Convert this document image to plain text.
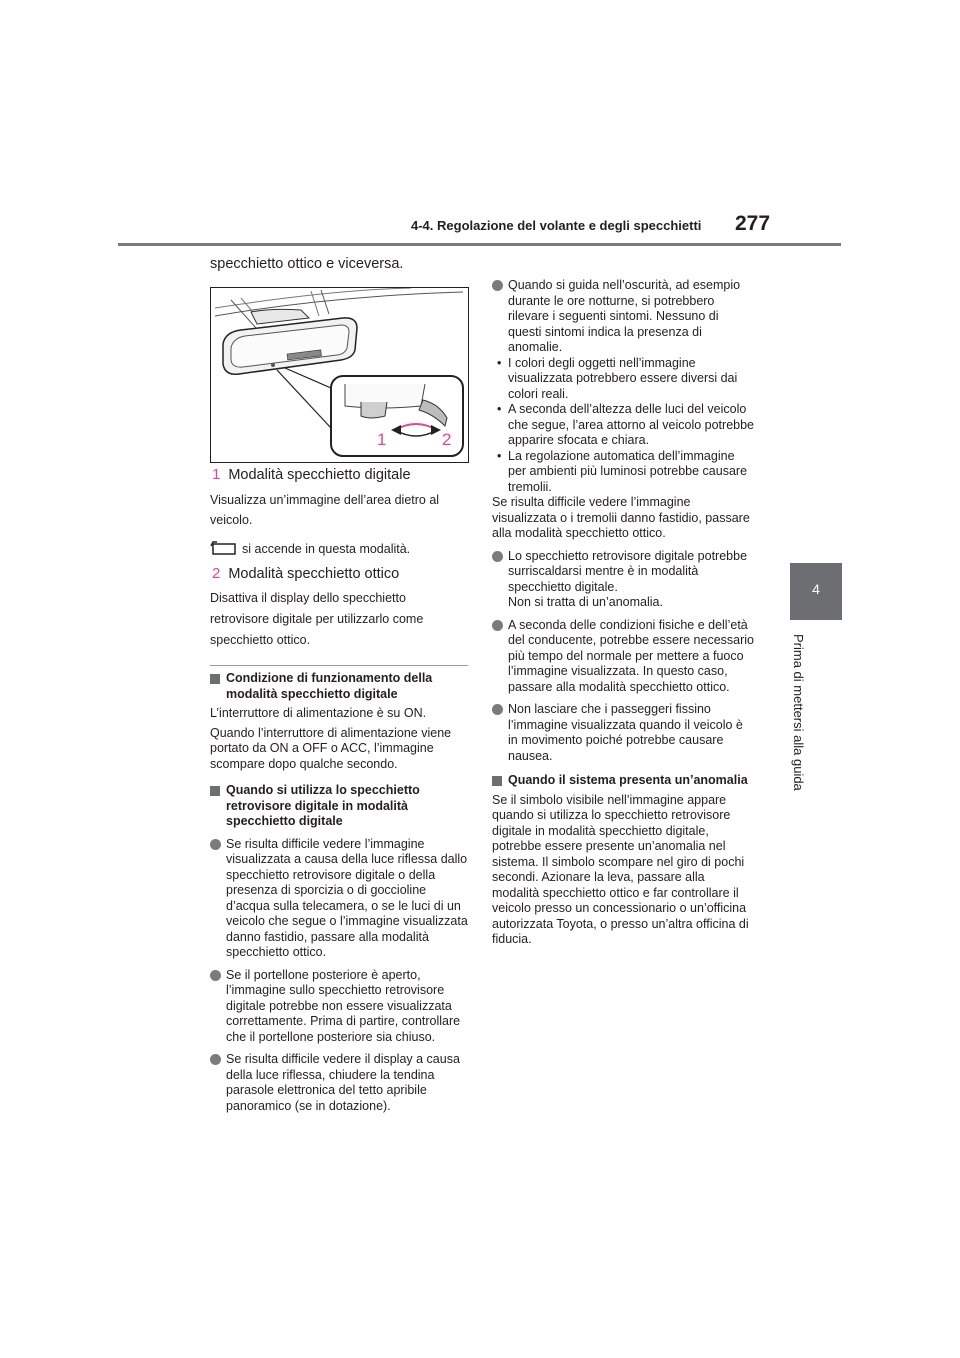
4-4. Regolazione del volante e degli specchietti 277
4
Prima di mettersi alla guida
specchietto ottico e viceversa.
1	2

1 Modalità specchietto digitale

Visualizza un’immagine dell’area dietro al veicolo.
si accende in questa modalità.

2 Modalità specchietto ottico

Disattiva il display dello specchietto retrovisore digitale per utilizzarlo come specchietto ottico.
Condizione di funzionamento della modalità specchietto digitale

L’interruttore di alimentazione è su ON.

Quando l’interruttore di alimentazione viene portato da ON a OFF o ACC, l’immagine scompare dopo qualche secondo.

Quando si utilizza lo specchietto retrovisore digitale in modalità specchietto digitale
Se risulta difficile vedere l’immagine visualizzata a causa della luce riflessa dallo specchietto retrovisore digitale o della presenza di sporcizia o di goccioline d’acqua sulla telecamera, o se le luci di un veicolo che segue o l’immagine visualizzata danno fastidio, passare alla modalità specchietto ottico.
Se il portellone posteriore è aperto, l’immagine sullo specchietto retrovisore digitale potrebbe non essere visualizzata correttamente. Prima di partire, controllare che il portellone posteriore sia chiuso.
Se risulta difficile vedere il display a causa della luce riflessa, chiudere la tendina parasole elettronica del tetto apribile panoramico (se in dotazione).
Quando si guida nell’oscurità, ad esempio durante le ore notturne, si potrebbero rilevare i seguenti sintomi. Nessuno di questi sintomi indica la presenza di anomalie.
• I colori degli oggetti nell’immagine visualizzata potrebbero essere diversi dai colori reali.
• A seconda dell’altezza delle luci del veicolo che segue, l’area attorno al veicolo potrebbe apparire sfocata e chiara.
• La regolazione automatica dell’immagine per ambienti più luminosi potrebbe causare tremolii.

Se risulta difficile vedere l’immagine visualizzata o i tremolii danno fastidio, passare alla modalità specchietto ottico.

Lo specchietto retrovisore digitale potrebbe surriscaldarsi mentre è in modalità specchietto digitale.
Non si tratta di un’anomalia.
A seconda delle condizioni fisiche e dell’età del conducente, potrebbe essere necessario più tempo del normale per mettere a fuoco l’immagine visualizzata. In questo caso, passare alla modalità specchietto ottico.
Non lasciare che i passeggeri fissino l’immagine visualizzata quando il veicolo è in movimento poiché potrebbe causare nausea.
Quando il sistema presenta un’anomalia

Se il simbolo visibile nell’immagine appare quando si utilizza lo specchietto retrovisore digitale in modalità specchietto digitale, potrebbe essere presente un’anomalia nel sistema. Il simbolo scompare nel giro di pochi secondi. Azionare la leva, passare alla modalità specchietto ottico e far controllare il veicolo presso un concessionario o un’officina autorizzata Toyota, o presso un’altra officina di fiducia.
